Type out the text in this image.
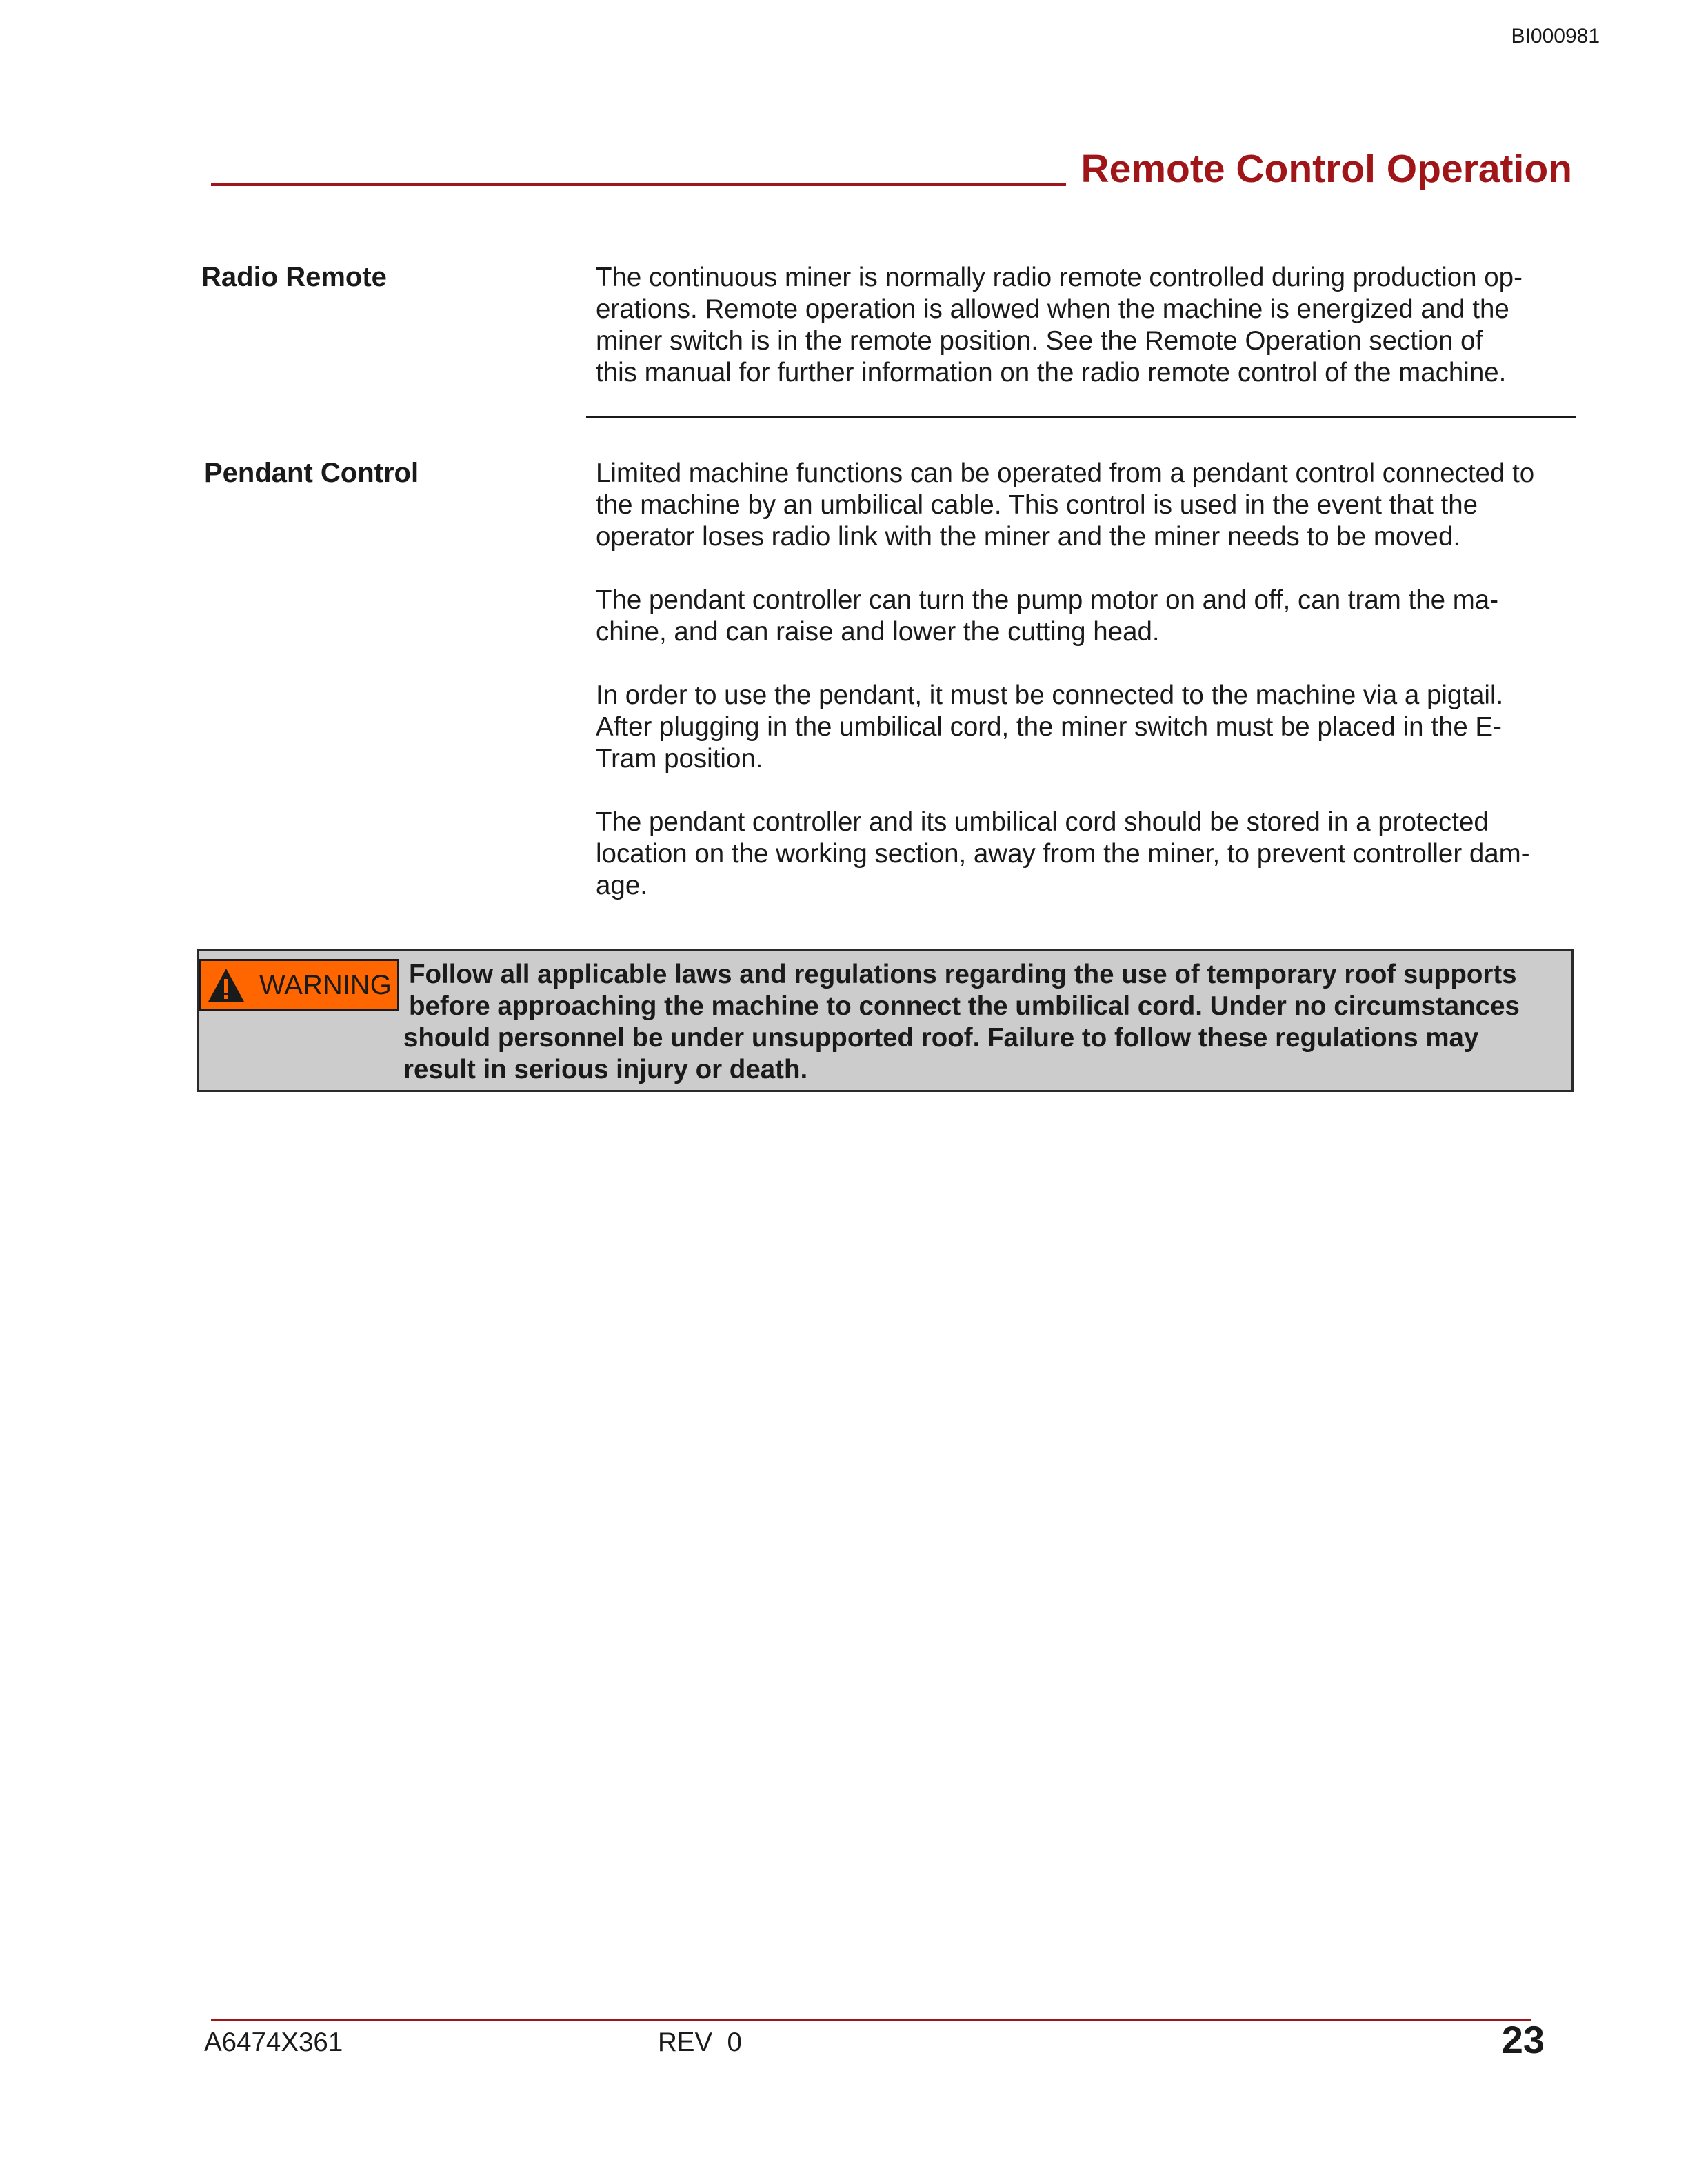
BI000981
Remote Control Operation
Radio Remote	The continuous miner is normally radio remote controlled during production op-
erations. Remote operation is allowed when the machine is energized and the
miner switch is in the remote position. See the Remote Operation section of
this manual for further information on the radio remote control of the machine.

Pendant Control	Limited machine functions can be operated from a pendant control connected to
the machine by an umbilical cable. This control is used in the event that the
operator loses radio link with the miner and the miner needs to be moved.

The pendant controller can turn the pump motor on and off, can tram the ma-
chine, and can raise and lower the cutting head.

In order to use the pendant, it must be connected to the machine via a pigtail.
After plugging in the umbilical cord, the miner switch must be placed in the E-
Tram position.

The pendant controller and its umbilical cord should be stored in a protected
location on the working section, away from the miner, to prevent controller dam-
age.

Follow all applicable laws and regulations regarding the use of temporary roof supports
before approaching the machine to connect the umbilical cord. Under no circumstances
should personnel be under unsupported roof. Failure to follow these regulations may
result in serious injury or death.
WARNING
A6474X361	REV  0	23
